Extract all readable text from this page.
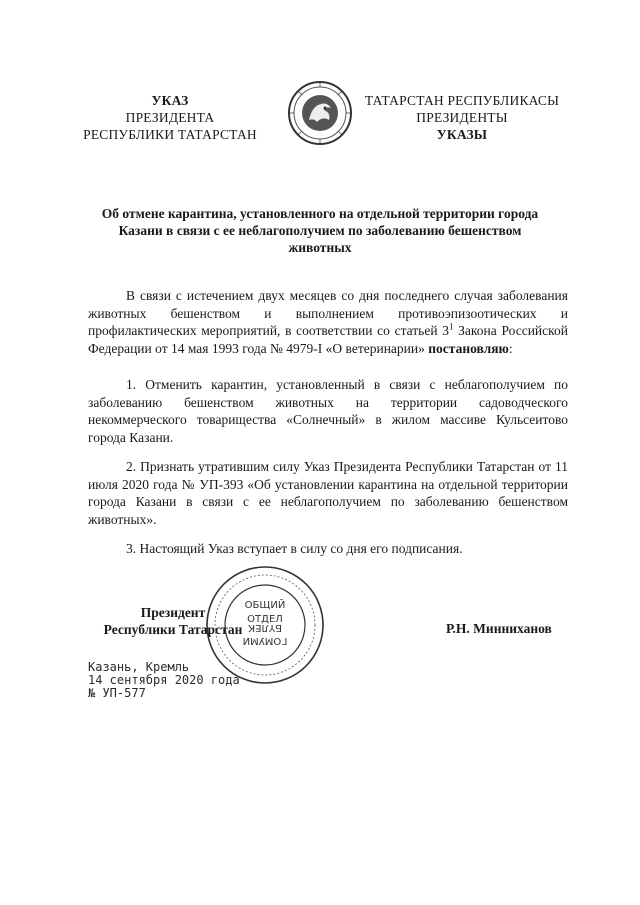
УКАЗ
ПРЕЗИДЕНТА
РЕСПУБЛИКИ ТАТАРСТАН
ТАТАРСТАН РЕСПУБЛИКАСЫ
ПРЕЗИДЕНТЫ
УКАЗЫ
Об отмене карантина, установленного на отдельной территории города Казани в связи с ее неблагополучием по заболеванию бешенством животных
В связи с истечением двух месяцев со дня последнего случая заболевания животных бешенством и выполнением противоэпизоотических и профилактических мероприятий, в соответствии со статьей $3^1$ Закона Российской Федерации от 14 мая 1993 года № 4979-I «О ветеринарии» постановляю:
1. Отменить карантин, установленный в связи с неблагополучием по заболеванию бешенством животных на территории садоводческого некоммерческого товарищества «Солнечный» в жилом массиве Кульсеитово города Казани.
2. Признать утратившим силу Указ Президента Республики Татарстан от 11 июля 2020 года № УП-393 «Об установлении карантина на отдельной территории города Казани в связи с ее неблагополучием по заболеванию бешенством животных».
3. Настоящий Указ вступает в силу со дня его подписания.
Президент
Республики Татарстан
ОБЩИЙ
ОТДЕЛ
ГОМУМИ
БҮЛЕК	Р.Н. Минниханов
Казань, Кремль
14 сентября 2020 года
№ УП-577
